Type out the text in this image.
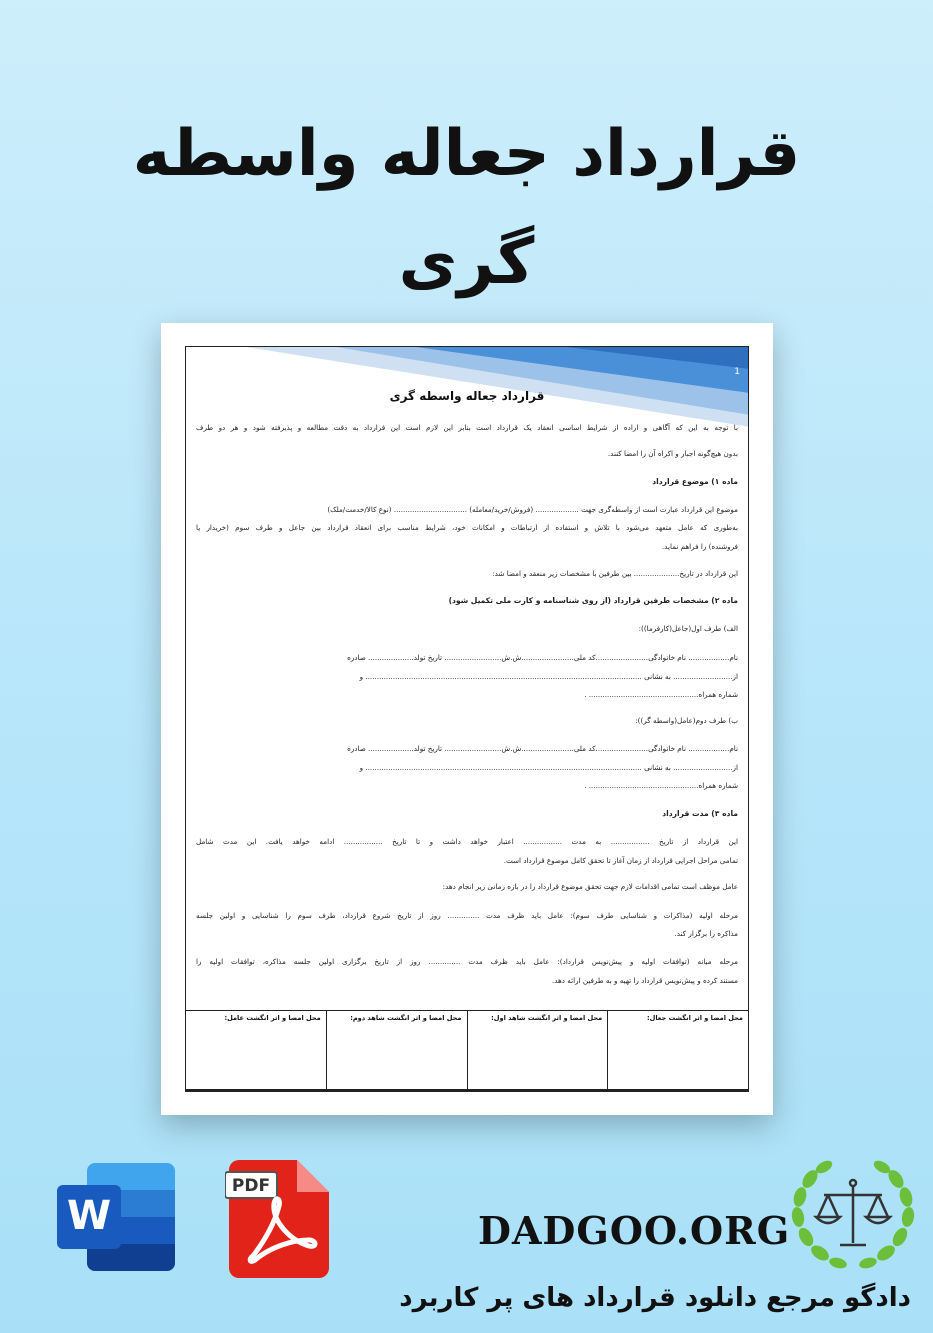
قرارداد جعاله واسطه
گری
1
قرارداد جعاله واسطه گری
با توجه به این که آگاهی و اراده از شرایط اساسی انعقاد یک قرارداد است بنابر این لازم است این قرارداد به دقت مطالعه و پذیرفته شود و هر دو طرف
بدون هیچ‌گونه اجبار و اکراه آن را امضا کنند.
ماده ۱) موضوع قرارداد
موضوع این قرارداد عبارت است از واسطه‌گری جهت ................... (فروش/خرید/معامله) ................................ (نوع کالا/خدمت/ملک)
به‌طوری که عامل متعهد می‌شود با تلاش و استفاده از ارتباطات و امکانات خود، شرایط مناسب برای انعقاد قرارداد بین جاعل و طرف سوم (خریدار یا
فروشنده) را فراهم نماید.
این قرارداد در تاریخ.................... بین طرفین با مشخصات زیر منعقد و امضا شد:
ماده ۲) مشخصات طرفین قرارداد (از روی شناسنامه و کارت ملی تکمیل شود)
الف) طرف اول(جاعل(کارفرما)):
نام.................. نام خانوادگی.......................کد ملی.......................ش.ش......................... تاریخ تولد.................... صادره
از.......................... به نشانی ......................................................................................................................... و
شماره همراه................................................ .
ب) طرف دوم(عامل(واسطه گر)):
نام.................. نام خانوادگی.......................کد ملی.......................ش.ش......................... تاریخ تولد.................... صادره
از.......................... به نشانی ......................................................................................................................... و
شماره همراه................................................ .
ماده ۳) مدت قرارداد
این قرارداد از تاریخ ................. به مدت ................. اعتبار خواهد داشت و تا تاریخ ................. ادامه خواهد یافت. این مدت شامل
تمامی مراحل اجرایی قرارداد از زمان آغاز تا تحقق کامل موضوع قرارداد است.
عامل موظف است تمامی اقدامات لازم جهت تحقق موضوع قرارداد را در بازه زمانی زیر انجام دهد:
مرحله اولیه (مذاکرات و شناسایی طرف سوم): عامل باید ظرف مدت .............. روز از تاریخ شروع قرارداد، طرف سوم را شناسایی و اولین جلسه
مذاکره را برگزار کند.
مرحله میانه (توافقات اولیه و پیش‌نویس قرارداد): عامل باید ظرف مدت .............. روز از تاریخ برگزاری اولین جلسه مذاکره، توافقات اولیه را
مستند کرده و پیش‌نویس قرارداد را تهیه و به طرفین ارائه دهد.
محل امضا و اثر انگشت جعال:
محل امضا و اثر انگشت شاهد اول:
محل امضا و اثر انگشت شاهد دوم:
محل امضا و اثر انگشت عامل:
W
PDF
DADGOO.ORG
دادگو مرجع دانلود قرارداد های پر کاربرد
